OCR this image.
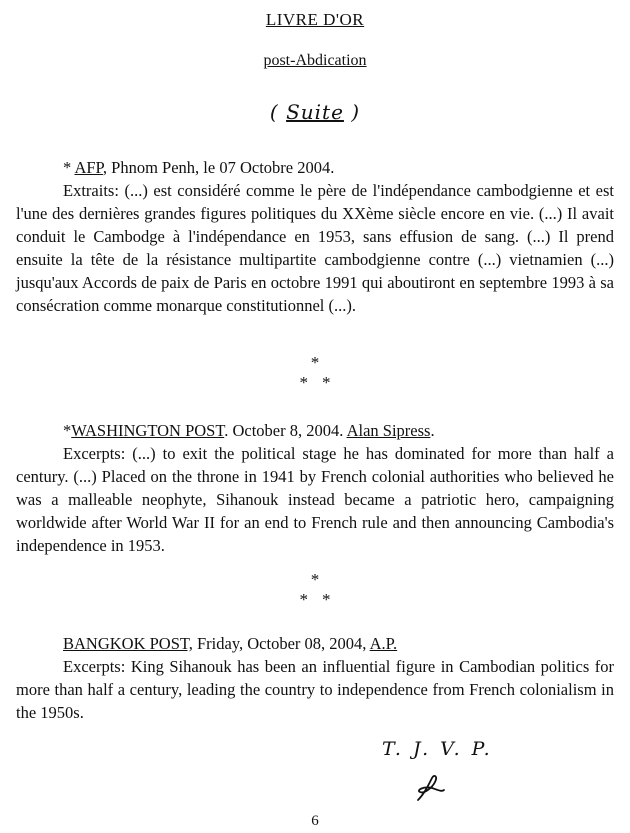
LIVRE D'OR
post-Abdication
( Suite )

* AFP, Phnom Penh, le 07 Octobre 2004.

Extraits: (...) est considéré comme le père de l'indépendance cambodgienne et est l'une des dernières grandes figures politiques du XXème siècle encore en vie. (...) Il avait conduit le Cambodge à l'indépendance en 1953, sans effusion de sang. (...) Il prend ensuite la tête de la résistance multipartite cambodgienne contre (...) vietnamien (...) jusqu'aux Accords de paix de Paris en octobre 1991 qui aboutiront en septembre 1993 à sa consécration comme monarque constitutionnel (...).

*
**

*WASHINGTON POST. October 8, 2004. Alan Sipress.

Excerpts: (...) to exit the political stage he has dominated for more than half a century. (...) Placed on the throne in 1941 by French colonial authorities who believed he was a malleable neophyte, Sihanouk instead became a patriotic hero, campaigning worldwide after World War II for an end to French rule and then announcing Cambodia's independence in 1953.

*
**

BANGKOK POST, Friday, October 08, 2004, A.P.

Excerpts: King Sihanouk has been an influential figure in Cambodian politics for more than half a century, leading the country to independence from French colonialism in the 1950s.

T. J. V. P.
6
